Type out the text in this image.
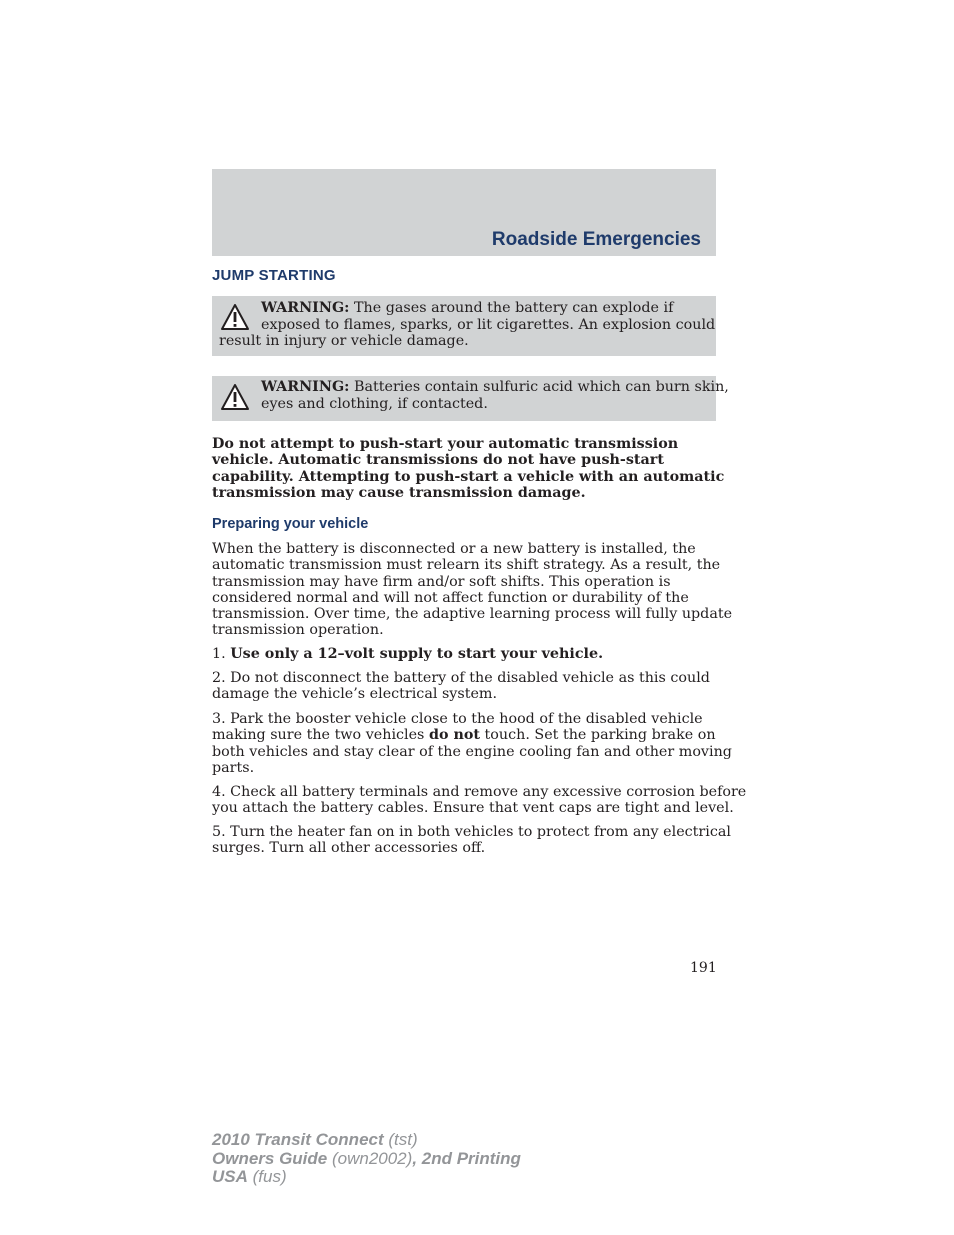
Roadside Emergencies
JUMP STARTING
WARNING: The gases around the battery can explode if
exposed to flames, sparks, or lit cigarettes. An explosion could
result in injury or vehicle damage.
WARNING: Batteries contain sulfuric acid which can burn skin,
eyes and clothing, if contacted.
Do not attempt to push-start your automatic transmission
vehicle. Automatic transmissions do not have push-start
capability. Attempting to push-start a vehicle with an automatic
transmission may cause transmission damage.
Preparing your vehicle
When the battery is disconnected or a new battery is installed, the
automatic transmission must relearn its shift strategy. As a result, the
transmission may have firm and/or soft shifts. This operation is
considered normal and will not affect function or durability of the
transmission. Over time, the adaptive learning process will fully update
transmission operation.
1. Use only a 12–volt supply to start your vehicle.
2. Do not disconnect the battery of the disabled vehicle as this could
damage the vehicle’s electrical system.
3. Park the booster vehicle close to the hood of the disabled vehicle
making sure the two vehicles do not touch. Set the parking brake on
both vehicles and stay clear of the engine cooling fan and other moving
parts.
4. Check all battery terminals and remove any excessive corrosion before
you attach the battery cables. Ensure that vent caps are tight and level.
5. Turn the heater fan on in both vehicles to protect from any electrical
surges. Turn all other accessories off.
191
2010 Transit Connect (tst)
Owners Guide (own2002), 2nd Printing
USA (fus)
